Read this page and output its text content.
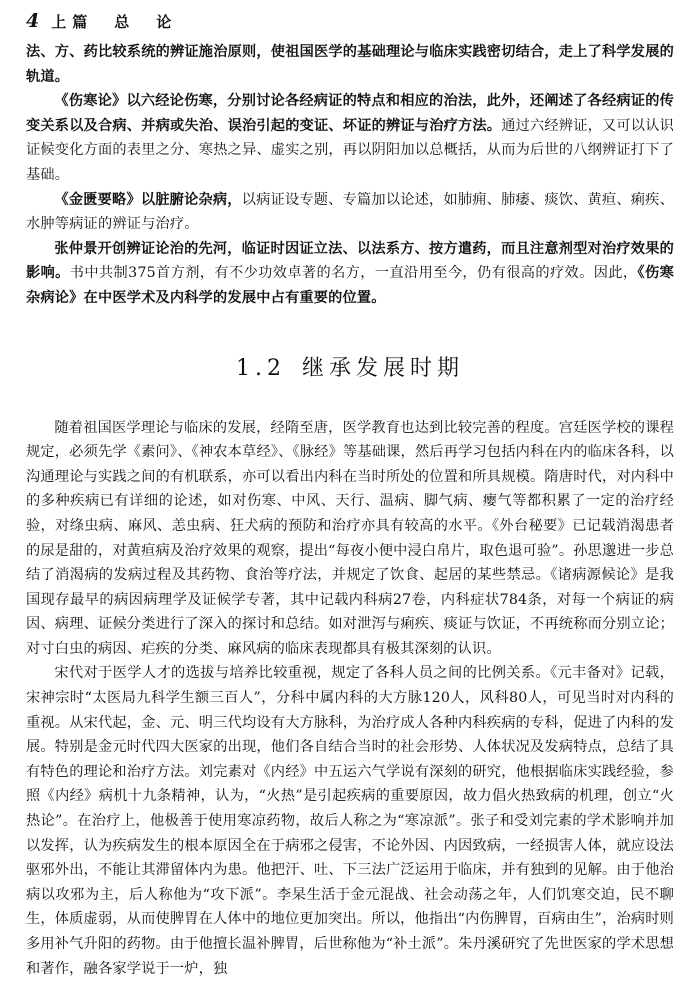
4 上篇　总　论

法、方、药比较系统的辨证施治原则，使祖国医学的基础理论与临床实践密切结合，走上了科学发展的轨道。

《伤寒论》以六经论伤寒，分别讨论各经病证的特点和相应的治法，此外，还阐述了各经病证的传变关系以及合病、并病或失治、误治引起的变证、坏证的辨证与治疗方法。通过六经辨证，又可以认识证候变化方面的表里之分、寒热之异、虚实之别，再以阴阳加以总概括，从而为后世的八纲辨证打下了基础。

《金匮要略》以脏腑论杂病，以病证设专题、专篇加以论述，如肺痈、肺痿、痰饮、黄疸、痢疾、水肿等病证的辨证与治疗。

张仲景开创辨证论治的先河，临证时因证立法、以法系方、按方遣药，而且注意剂型对治疗效果的影响。书中共制375首方剂，有不少功效卓著的名方，一直沿用至今，仍有很高的疗效。因此，《伤寒杂病论》在中医学术及内科学的发展中占有重要的位置。

1.2 继承发展时期

随着祖国医学理论与临床的发展，经隋至唐，医学教育也达到比较完善的程度。宫廷医学校的课程规定，必须先学《素问》、《神农本草经》、《脉经》等基础课，然后再学习包括内科在内的临床各科，以沟通理论与实践之间的有机联系，亦可以看出内科在当时所处的位置和所具规模。隋唐时代，对内科中的多种疾病已有详细的论述，如对伤寒、中风、天行、温病、脚气病、瘿气等都积累了一定的治疗经验，对绦虫病、麻风、恙虫病、狂犬病的预防和治疗亦具有较高的水平。《外台秘要》已记载消渴患者的尿是甜的，对黄疸病及治疗效果的观察，提出“每夜小便中浸白帛片，取色退可验”。孙思邈进一步总结了消渴病的发病过程及其药物、食治等疗法，并规定了饮食、起居的某些禁忌。《诸病源候论》是我国现存最早的病因病理学及证候学专著，其中记载内科病27卷，内科症状784条，对每一个病证的病因、病理、证候分类进行了深入的探讨和总结。如对泄泻与痢疾、痰证与饮证，不再统称而分别立论；对寸白虫的病因、疟疾的分类、麻风病的临床表现都具有极其深刻的认识。

宋代对于医学人才的选拔与培养比较重视，规定了各科人员之间的比例关系。《元丰备对》记载，宋神宗时“太医局九科学生额三百人”，分科中属内科的大方脉120人，风科80人，可见当时对内科的重视。从宋代起，金、元、明三代均设有大方脉科，为治疗成人各种内科疾病的专科，促进了内科的发展。特别是金元时代四大医家的出现，他们各自结合当时的社会形势、人体状况及发病特点，总结了具有特色的理论和治疗方法。刘完素对《内经》中五运六气学说有深刻的研究，他根据临床实践经验，参照《内经》病机十九条精神，认为，“火热”是引起疾病的重要原因，故力倡火热致病的机理，创立“火热论”。在治疗上，他极善于使用寒凉药物，故后人称之为“寒凉派”。张子和受刘完素的学术影响并加以发挥，认为疾病发生的根本原因全在于病邪之侵害，不论外因、内因致病，一经损害人体，就应设法驱邪外出，不能让其滞留体内为患。他把汗、吐、下三法广泛运用于临床，并有独到的见解。由于他治病以攻邪为主，后人称他为“攻下派”。李杲生活于金元混战、社会动荡之年，人们饥寒交迫，民不聊生，体质虚弱，从而使脾胃在人体中的地位更加突出。所以，他指出“内伤脾胃，百病由生”，治病时则多用补气升阳的药物。由于他擅长温补脾胃，后世称他为“补土派”。朱丹溪研究了先世医家的学术思想和著作，融各家学说于一炉，独
